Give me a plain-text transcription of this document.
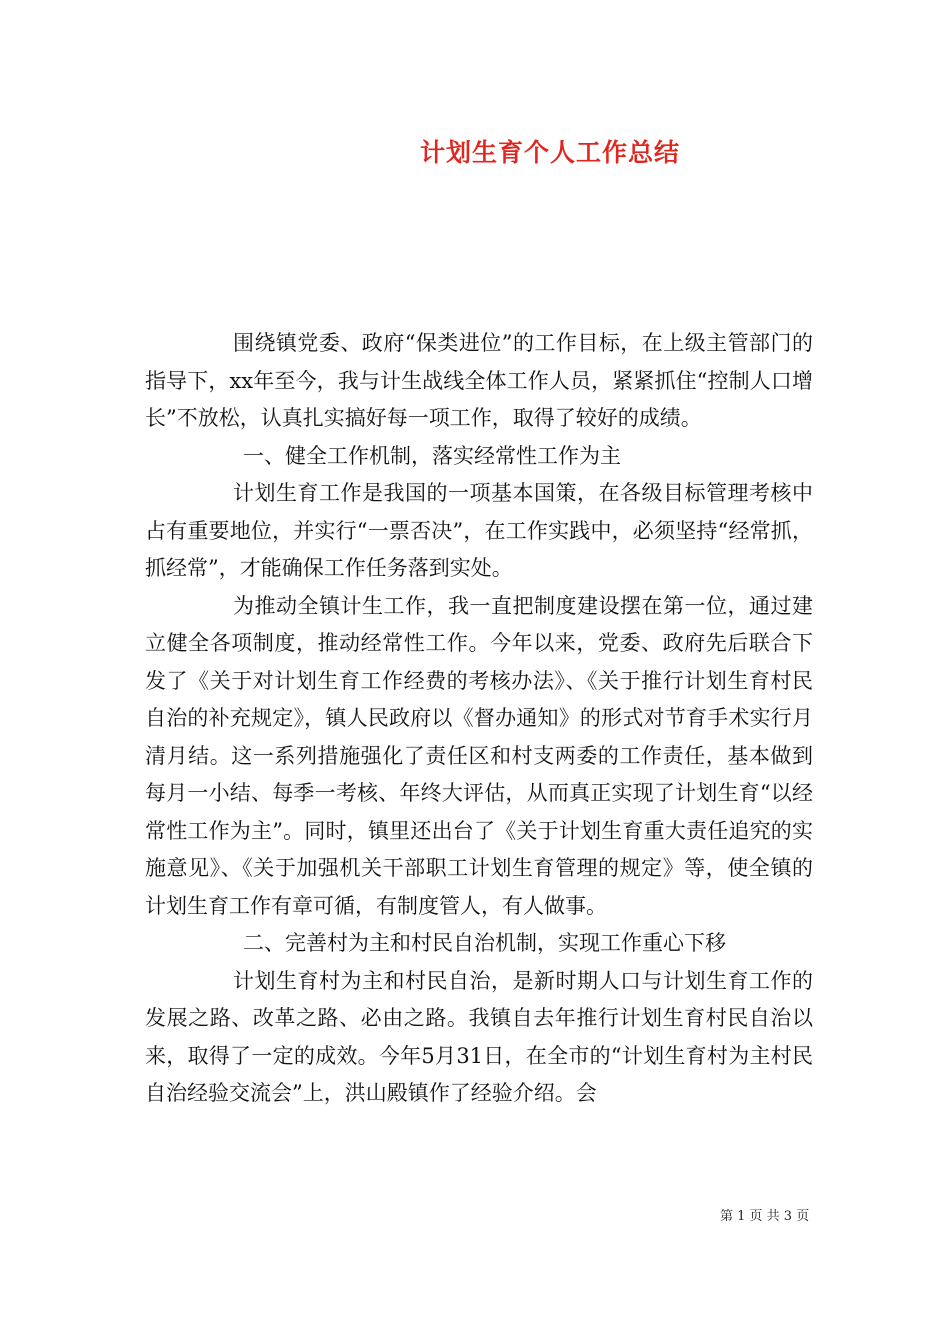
计划生育个人工作总结

围绕镇党委、政府“保类进位”的工作目标，在上级主管部门的指导下，xx年至今，我与计生战线全体工作人员，紧紧抓住“控制人口增长”不放松，认真扎实搞好每一项工作，取得了较好的成绩。

一、健全工作机制，落实经常性工作为主

计划生育工作是我国的一项基本国策，在各级目标管理考核中占有重要地位，并实行“一票否决”，在工作实践中，必须坚持“经常抓，抓经常”，才能确保工作任务落到实处。

为推动全镇计生工作，我一直把制度建设摆在第一位，通过建立健全各项制度，推动经常性工作。今年以来，党委、政府先后联合下发了《关于对计划生育工作经费的考核办法》、《关于推行计划生育村民自治的补充规定》，镇人民政府以《督办通知》的形式对节育手术实行月清月结。这一系列措施强化了责任区和村支两委的工作责任，基本做到每月一小结、每季一考核、年终大评估，从而真正实现了计划生育“以经常性工作为主”。同时，镇里还出台了《关于计划生育重大责任追究的实施意见》、《关于加强机关干部职工计划生育管理的规定》等，使全镇的计划生育工作有章可循，有制度管人，有人做事。

二、完善村为主和村民自治机制，实现工作重心下移

计划生育村为主和村民自治，是新时期人口与计划生育工作的发展之路、改革之路、必由之路。我镇自去年推行计划生育村民自治以来，取得了一定的成效。今年5月31日，在全市的“计划生育村为主村民自治经验交流会”上，洪山殿镇作了经验介绍。会

第 1 页 共 3 页
